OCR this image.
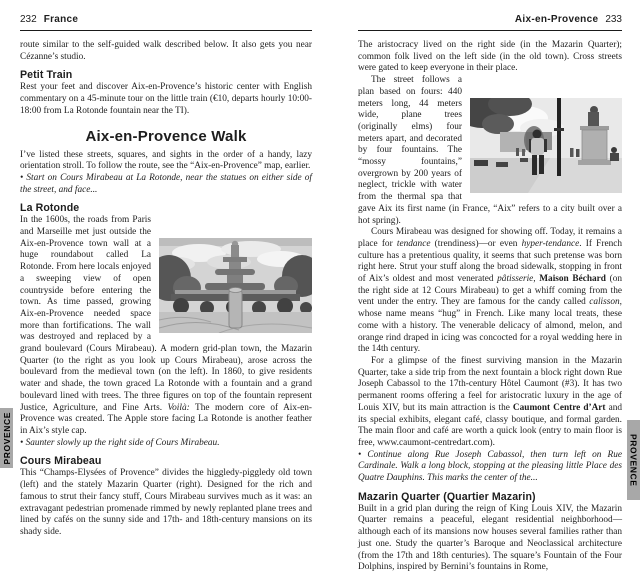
232 France

route similar to the self-guided walk described below. It also gets you near Cézanne’s studio.

Petit Train

Rest your feet and discover Aix-en-Provence’s historic center with English commentary on a 45-minute tour on the little train (€10, departs hourly 10:00-18:00 from La Rotonde fountain near the TI).

Aix-en-Provence Walk

I’ve listed these streets, squares, and sights in the order of a handy, lazy orientation stroll. To follow the route, see the “Aix-en-Provence” map, earlier.

• Start on Cours Mirabeau at La Rotonde, near the statues on either side of the street, and face...

La Rotonde

In the 1600s, the roads from Paris and Marseille met just outside the Aix-en-Provence town wall at a huge roundabout called La Rotonde. From here locals enjoyed a sweeping view of open countryside before entering the town. As time passed, growing Aix-en-Provence needed space more than fortifications. The wall was destroyed and replaced by a grand boulevard (Cours Mirabeau). A modern grid-plan town, the Mazarin Quarter (to the right as you look up Cours Mirabeau), arose across the boulevard from the medieval town (on the left). In 1860, to give residents water and shade, the town graced La Rotonde with a fountain and a grand boulevard lined with trees. The three figures on top of the fountain represent Justice, Agriculture, and Fine Arts. Voilà: The modern core of Aix-en-Provence was created. The Apple store facing La Rotonde is another feather in Aix’s style cap.

• Saunter slowly up the right side of Cours Mirabeau.

Cours Mirabeau

This “Champs-Elysées of Provence” divides the higgledy-piggledy old town (left) and the stately Mazarin Quarter (right). Designed for the rich and famous to strut their fancy stuff, Cours Mirabeau survives much as it was: an extravagant pedestrian promenade rimmed by newly replanted plane trees and lined by cafés on the sunny side and 17th- and 18th-century mansions on its shady side.

Aix-en-Provence 233

The aristocracy lived on the right side (in the Mazarin Quarter); common folk lived on the left side (in the old town). Cross streets were gated to keep everyone in their place.

The street follows a plan based on fours: 440 meters long, 44 meters wide, plane trees (originally elms) four meters apart, and decorated by four fountains. The “mossy fountains,” overgrown by 200 years of neglect, trickle with water from the thermal spa that gave Aix its first name (in France, “Aix” refers to a city built over a hot spring).

Cours Mirabeau was designed for showing off. Today, it remains a place for tendance (trendiness)—or even hyper-tendance. If French culture has a pretentious quality, it seems that such pretense was born right here. Strut your stuff along the broad sidewalk, stopping in front of Aix’s oldest and most venerated pâtisserie, Maison Béchard (on the right side at 12 Cours Mirabeau) to get a whiff coming from the vent under the entry. They are famous for the candy called calisson, whose name means “hug” in French. Like many local treats, these come with a history. The venerable delicacy of almond, melon, and orange rind draped in icing was concocted for a royal wedding here in the 14th century.

For a glimpse of the finest surviving mansion in the Mazarin Quarter, take a side trip from the next fountain a block right down Rue Joseph Cabassol to the 17th-century Hôtel Caumont (#3). It has two permanent rooms offering a feel for aristocratic luxury in the age of Louis XIV, but its main attraction is the Caumont Centre d’Art and its special exhibits, elegant café, classy boutique, and formal garden. The main floor and café are worth a quick look (entry to main floor is free, www.caumont-centredart.com).

• Continue along Rue Joseph Cabassol, then turn left on Rue Cardinale. Walk a long block, stopping at the pleasing little Place des Quatre Dauphins. This marks the center of the...

Mazarin Quarter (Quartier Mazarin)

Built in a grid plan during the reign of King Louis XIV, the Mazarin Quarter remains a peaceful, elegant residential neighborhood—although each of its mansions now houses several families rather than just one. Study the quarter’s Baroque and Neoclassical architecture (from the 17th and 18th centuries). The square’s Fountain of the Four Dolphins, inspired by Bernini’s fountains in Rome,

PROVENCE	PROVENCE
